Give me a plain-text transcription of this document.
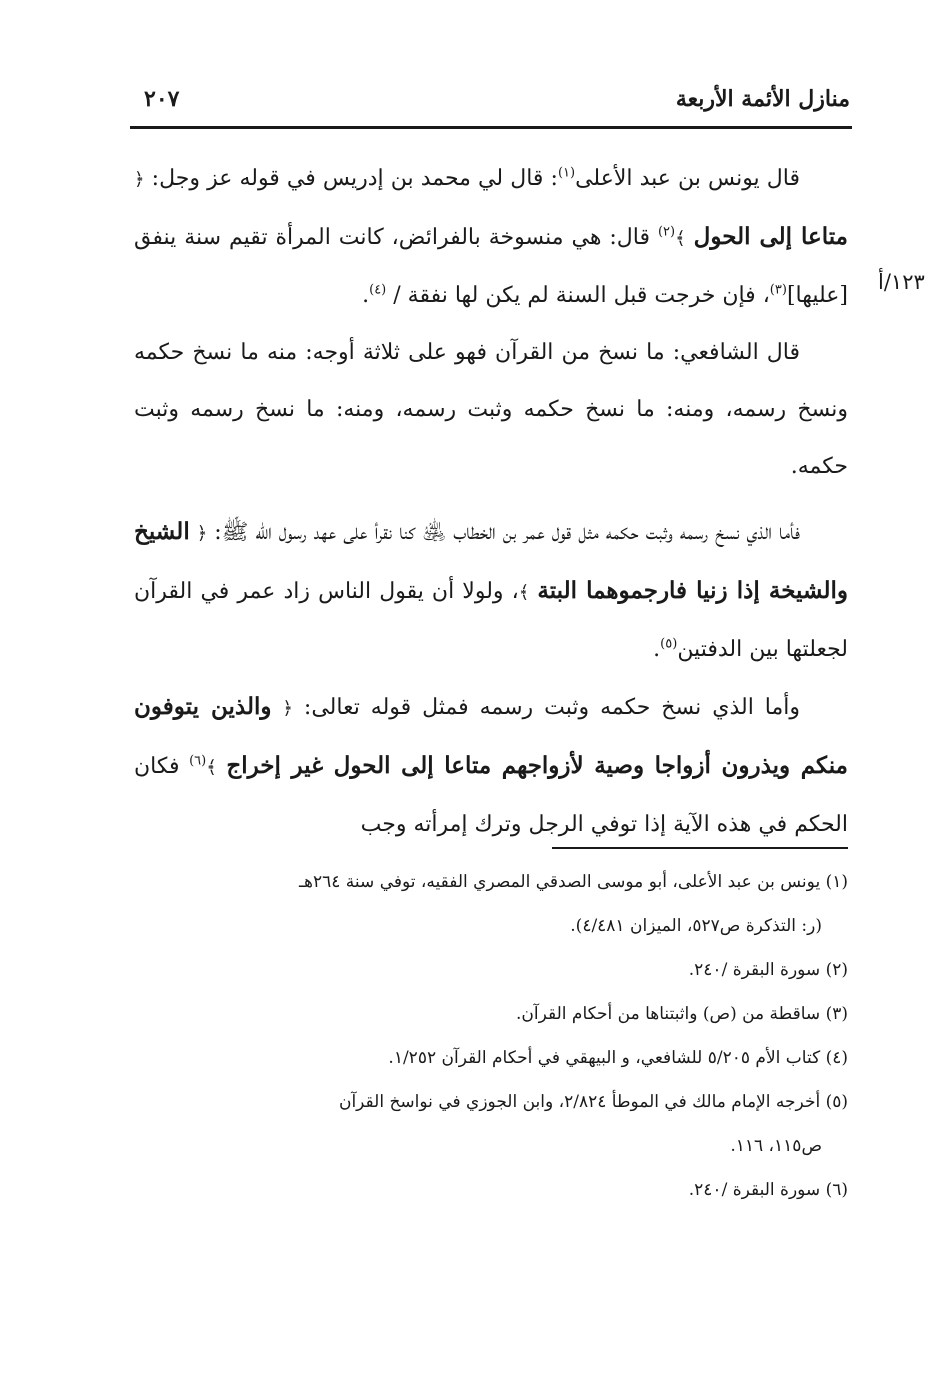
منازل الأئمة الأربعة
٢٠٧
١٢٣/أ

قال يونس بن عبد الأعلى$^{(١)}$: قال لي محمد بن إدريس في قوله عز وجل: ﴿ متاعا إلى الحول ﴾$^{(٢)}$ قال: هي منسوخة بالفرائض، كانت المرأة تقيم سنة ينفق [عليها]$^{(٣)}$، فإن خرجت قبل السنة لم يكن لها نفقة / $^{(٤)}$.

قال الشافعي: ما نسخ من القرآن فهو على ثلاثة أوجه: منه ما نسخ حكمه ونسخ رسمه، ومنه: ما نسخ حكمه وثبت رسمه، ومنه: ما نسخ رسمه وثبت حكمه.

فأما الذي نسخ رسمه وثبت حكمه مثل قول عمر بن الخطاب ﵁ كنا نقرأ على عهد رسول الله ﷺ: ﴿ الشيخ والشيخة إذا زنيا فارجموهما البتة ﴾، ولولا أن يقول الناس زاد عمر في القرآن لجعلتها بين الدفتين$^{(٥)}$.

وأما الذي نسخ حكمه وثبت رسمه فمثل قوله تعالى: ﴿ والذين يتوفون منكم ويذرون أزواجا وصية لأزواجهم متاعا إلى الحول غير إخراج ﴾$^{(٦)}$ فكان الحكم في هذه الآية إذا توفي الرجل وترك إمرأته وجب

(١) يونس بن عبد الأعلى، أبو موسى الصدقي المصري الفقيه، توفي سنة ٢٦٤هـ
(ر: التذكرة ص٥٢٧، الميزان ٤/٤٨١).

(٢) سورة البقرة /٢٤٠.

(٣) ساقطة من (ص) واثبتناها من أحكام القرآن.

(٤) كتاب الأم ٥/٢٠٥ للشافعي، و البيهقي في أحكام القرآن ١/٢٥٢.

(٥) أخرجه الإمام مالك في الموطأ ٢/٨٢٤، وابن الجوزي في نواسخ القرآن
ص١١٥، ١١٦.

(٦) سورة البقرة /٢٤٠.
